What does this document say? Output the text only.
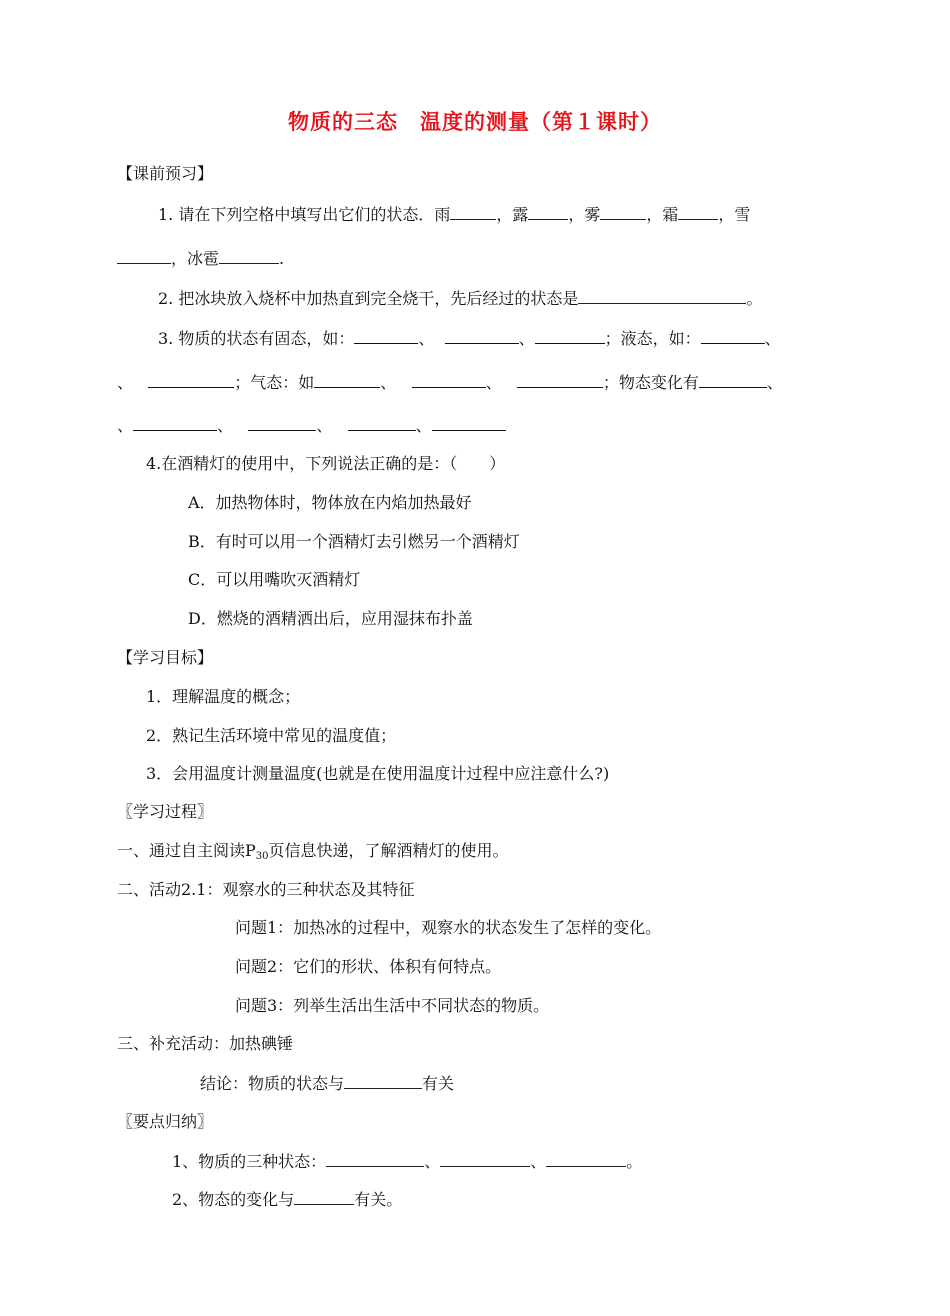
物质的三态　温度的测量（第１课时）
【课前预习】
1. 请在下列空格中填写出它们的状态．雨	，露	，雾	，霜	，雪
，冰雹	.
2. 把冰块放入烧杯中加热直到完全烧干，先后经过的状态是	。
3. 物质的状态有固态，如：	、	、	；液态，如：	、
、	；气态：如	、	、	；物态变化有	、
、	、	、	、
4.在酒精灯的使用中，下列说法正确的是：（　　）
A．加热物体时，物体放在内焰加热最好
B．有时可以用一个酒精灯去引燃另一个酒精灯
C．可以用嘴吹灭酒精灯
D．燃烧的酒精洒出后，应用湿抹布扑盖
【学习目标】
1．理解温度的概念；
2．熟记生活环境中常见的温度值；
3．会用温度计测量温度(也就是在使用温度计过程中应注意什么?)
〖学习过程〗
一、通过自主阅读$P_{30}$页信息快递，了解酒精灯的使用。
二、活动2.1：观察水的三种状态及其特征
问题1：加热冰的过程中，观察水的状态发生了怎样的变化。
问题2：它们的形状、体积有何特点。
问题3：列举生活出生活中不同状态的物质。
三、补充活动：加热碘锤
结论：物质的状态与	有关
〖要点归纳〗
1、物质的三种状态：	、	、	。
2、物态的变化与	有关。
